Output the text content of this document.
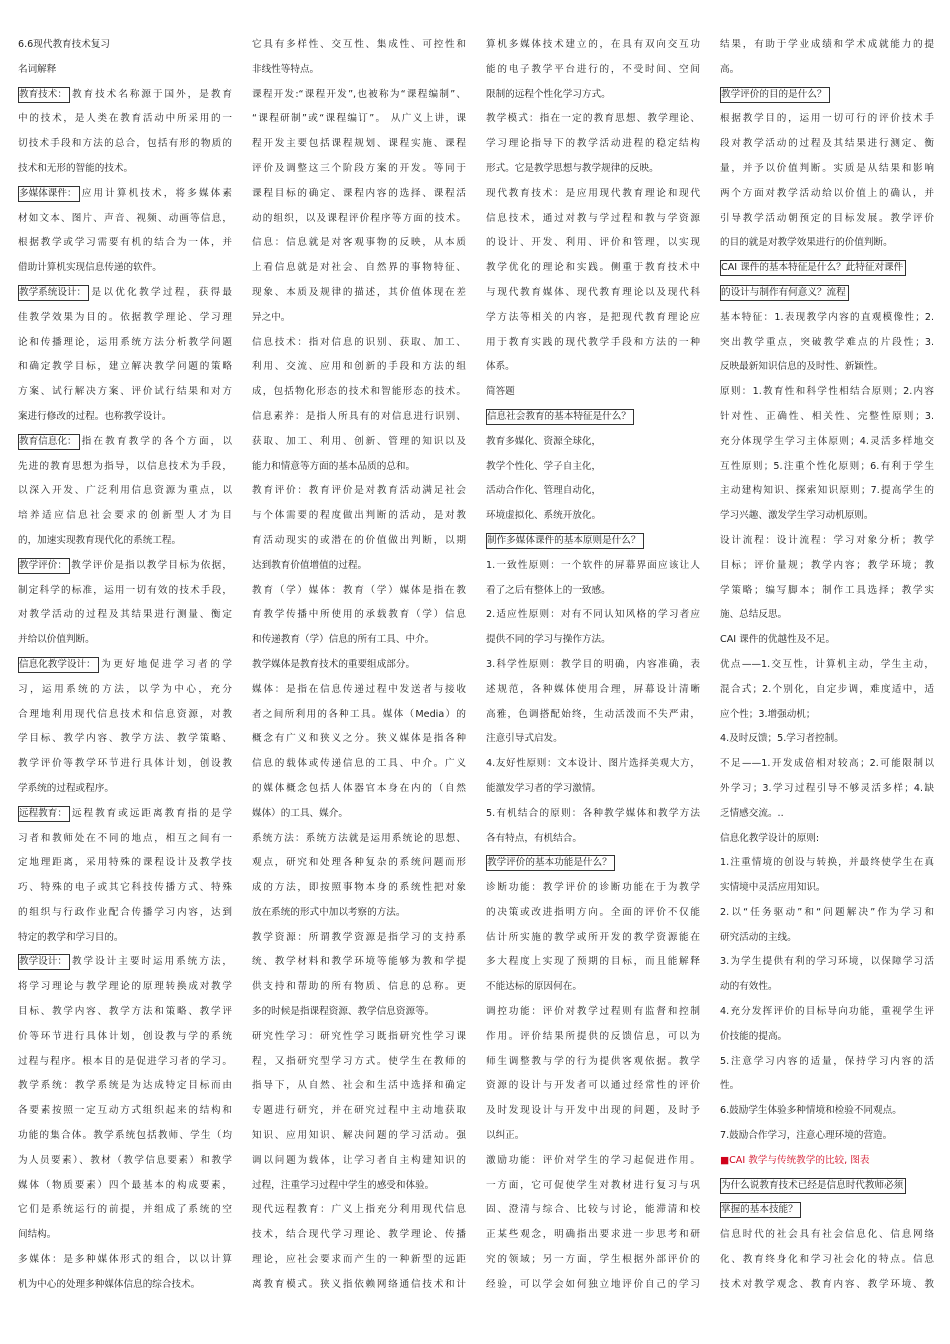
6.6现代教育技术复习
名词解释
教育技术： 教育技术名称源于国外，是教育
中的技术，是人类在教育活动中所采用的一
切技术手段和方法的总合，包括有形的物质的
技术和无形的智能的技术。
多媒体课件： 应用计算机技术，将多媒体素
材如文本、图片、声音、视频、动画等信息，
根据教学或学习需要有机的结合为一体，并
借助计算机实现信息传递的软件。
教学系统设计： 是以优化教学过程，获得最
佳教学效果为目的。依据教学理论、学习理
论和传播理论，运用系统方法分析教学问题
和确定教学目标，建立解决教学问题的策略
方案、试行解决方案、评价试行结果和对方
案进行修改的过程。也称教学设计。
教育信息化： 指在教育教学的各个方面，以
先进的教育思想为指导，以信息技术为手段，
以深入开发、广泛利用信息资源为重点，以
培养适应信息社会要求的创新型人才为目
的，加速实现教育现代化的系统工程。
教学评价： 教学评价是指以教学目标为依据，
制定科学的标准，运用一切有效的技术手段，
对教学活动的过程及其结果进行测量、衡定
并给以价值判断。
信息化教学设计： 为更好地促进学习者的学
习，运用系统的方法，以学为中心，充分
合理地利用现代信息技术和信息资源，对教
学目标、教学内容、教学方法、教学策略、
教学评价等教学环节进行具体计划，创设教
学系统的过程或程序。
远程教育： 远程教育或远距离教育指的是学
习者和教师处在不同的地点，相互之间有一
定地理距离，采用特殊的课程设计及教学技
巧、特殊的电子或其它科技传播方式、特殊
的组织与行政作业配合传播学习内容，达到
特定的教学和学习目的。
教学设计： 教学设计主要时运用系统方法，
将学习理论与教学理论的原理转换成对教学
目标、教学内容、教学方法和策略、教学评
价等环节进行具体计划，创设教与学的系统
过程与程序。根本目的是促进学习者的学习。
教学系统：教学系统是为达成特定目标而由
各要素按照一定互动方式组织起来的结构和
功能的集合体。教学系统包括教师、学生（均
为人员要素）、教材（教学信息要素）和教学
媒体（物质要素）四个最基本的构成要素，
它们是系统运行的前提，并组成了系统的空
间结构。
多媒体：是多种媒体形式的组合，以以计算
机为中心的处理多种媒体信息的综合技术。
它具有多样性、交互性、集成性、可控性和
非线性等特点。
课程开发:“课程开发”,也被称为“课程编制”、
“课程研制”或“课程编订”。 从广义上讲，课
程开发主要包括课程规划、课程实施、课程
评价及调整这三个阶段方案的开发。等同于
课程目标的确定、课程内容的选择、课程活
动的组织，以及课程评价程序等方面的技术。
信息：信息就是对客观事物的反映，从本质
上看信息就是对社会、自然界的事物特征、
现象、本质及规律的描述，其价值体现在差
异之中。
信息技术：指对信息的识别、获取、加工、
利用、交流、应用和创新的手段和方法的组
成，包括物化形态的技术和智能形态的技术。
信息素养：是指人所具有的对信息进行识别、
获取、加工、利用、创新、管理的知识以及
能力和情意等方面的基本品质的总和。
教育评价：教育评价是对教育活动满足社会
与个体需要的程度做出判断的活动，是对教
育活动现实的或潜在的价值做出判断，以期
达到教育价值增值的过程。
教育（学）媒体：教育（学）媒体是指在教
育教学传播中所使用的承载教育（学）信息
和传递教育（学）信息的所有工具、中介。
教学媒体是教育技术的重要组成部分。
媒体：是指在信息传递过程中发送者与接收
者之间所利用的各种工具。媒体（Media）的
概念有广义和狭义之分。狭义媒体是指各种
信息的载体或传递信息的工具、中介。广义
的媒体概念包括人体器官本身在内的（自然
媒体）的工具、媒介。
系统方法：系统方法就是运用系统论的思想、
观点，研究和处理各种复杂的系统问题而形
成的方法，即按照事物本身的系统性把对象
放在系统的形式中加以考察的方法。
教学资源：所谓教学资源是指学习的支持系
统、教学材料和教学环境等能够为教和学提
供支持和帮助的所有物质、信息的总称。更
多的时候是指课程资源、教学信息资源等。
研究性学习：研究性学习既指研究性学习课
程，又指研究型学习方式。使学生在教师的
指导下，从自然、社会和生活中选择和确定
专题进行研究，并在研究过程中主动地获取
知识、应用知识、解决问题的学习活动。强
调以问题为载体，让学习者自主构建知识的
过程，注重学习过程中学生的感受和体验。
现代远程教育：广义上指充分利用现代信息
技术，结合现代学习理论、教学理论、传播
理论，应社会要求而产生的一种新型的远距
离教育模式。狭义指依赖网络通信技术和计
算机多媒体技术建立的，在具有双向交互功
能的电子教学平台进行的，不受时间、空间
限制的远程个性化学习方式。
教学模式：指在一定的教育思想、教学理论、
学习理论指导下的教学活动进程的稳定结构
形式。它是教学思想与教学规律的反映。
现代教育技术：是应用现代教育理论和现代
信息技术，通过对教与学过程和教与学资源
的设计、开发、利用、评价和管理，以实现
教学优化的理论和实践。侧重于教育技术中
与现代教育媒体、现代教育理论以及现代科
学方法等相关的内容，是把现代教育理论应
用于教育实践的现代教学手段和方法的一种
体系。
简答题
信息社会教育的基本特征是什么？
教育多媒化、资源全球化，
教学个性化、学子自主化，
活动合作化、管理自动化，
环境虚拟化、系统开放化。
制作多媒体课件的基本原则是什么？
1.一致性原则：一个软件的屏幕界面应该让人
看了之后有整体上的一致感。
2.适应性原则：对有不同认知风格的学习者应
提供不同的学习与操作方法。
3.科学性原则：教学目的明确，内容准确，表
述规范，各种媒体使用合理，屏幕设计清晰
高雅，色调搭配始终，生动活泼而不失严肃，
注意引导式启发。
4.友好性原则：文本设计、图片选择美观大方，
能激发学习者的学习激情。
5.有机结合的原则：各种教学媒体和教学方法
各有特点，有机结合。
教学评价的基本功能是什么？
诊断功能：教学评价的诊断功能在于为教学
的决策或改进指明方向。全面的评价不仅能
估计所实施的教学或所开发的教学资源能在
多大程度上实现了预期的目标，而且能解释
不能达标的原因何在。
调控功能：评价对教学过程则有监督和控制
作用。评价结果所提供的反馈信息，可以为
师生调整教与学的行为提供客观依据。教学
资源的设计与开发者可以通过经常性的评价
及时发现设计与开发中出现的问题，及时予
以纠正。
激励功能：评价对学生的学习起促进作用。
一方面，它可促使学生对教材进行复习与巩
固、澄清与综合、比较与讨论，能滞清和校
正某些观念，明确指出要求进一步思考和研
究的领域；另一方面，学生根据外部评价的
经验，可以学会如何独立地评价自己的学习
结果，有助于学业成绩和学术成就能力的提
高。
教学评价的目的是什么？
根据教学目的，运用一切可行的评价技术手
段对教学活动的过程及其结果进行测定、衡
量，并予以价值判断。实质是从结果和影响
两个方面对教学活动给以价值上的确认，并
引导教学活动朝预定的目标发展。教学评价
的目的就是对教学效果进行的价值判断。
CAI 课件的基本特征是什么？此特征对课件
的设计与制作有何意义？流程
基本特征：1.表现教学内容的直观模像性；2.
突出教学重点，突破教学难点的片段性；3.
反映最新知识信息的及时性、新颖性。
原则：1.教育性和科学性相结合原则；2.内容
针对性、正确性、相关性、完整性原则；3.
充分体现学生学习主体原则；4.灵活多样地交
互性原则；5.注重个性化原则；6.有利于学生
主动建构知识、探索知识原则；7.提高学生的
学习兴趣、激发学生学习动机原则。
设计流程：设计流程：学习对象分析；教学
目标；评价量规；教学内容；教学环境；教
学策略；编写脚本；制作工具选择；教学实
施、总结反思。
CAI 课件的优越性及不足。
优点——1.交互性，计算机主动，学生主动，
混合式；2.个别化，自定步调，难度适中，适
应个性；3.增强动机；
4.及时反馈；5.学习者控制。
不足——1.开发成倍相对较高；2.可能限制以
外学习；3.学习过程引导不够灵活多样；4.缺
乏情感交流。..
信息化教学设计的原则:
1.注重情境的创设与转换，并最终使学生在真
实情境中灵活应用知识。
2.以“任务驱动”和“问题解决”作为学习和
研究活动的主线。
3.为学生提供有利的学习环境，以保障学习活
动的有效性。
4.充分发挥评价的目标导向功能，重视学生评
价技能的提高。
5.注意学习内容的适量，保持学习内容的活
性。
6.鼓励学生体验多种情境和检验不同观点。
7.鼓励合作学习，注意心理环境的营造。
■CAI 教学与传统教学的比较, 图表
为什么说教育技术已经是信息时代教师必须
掌握的基本技能？
信息时代的社会具有社会信息化、信息网络
化、教育终身化和学习社会化的特点。信息
技术对教学观念、教育内容、教学环境、教
